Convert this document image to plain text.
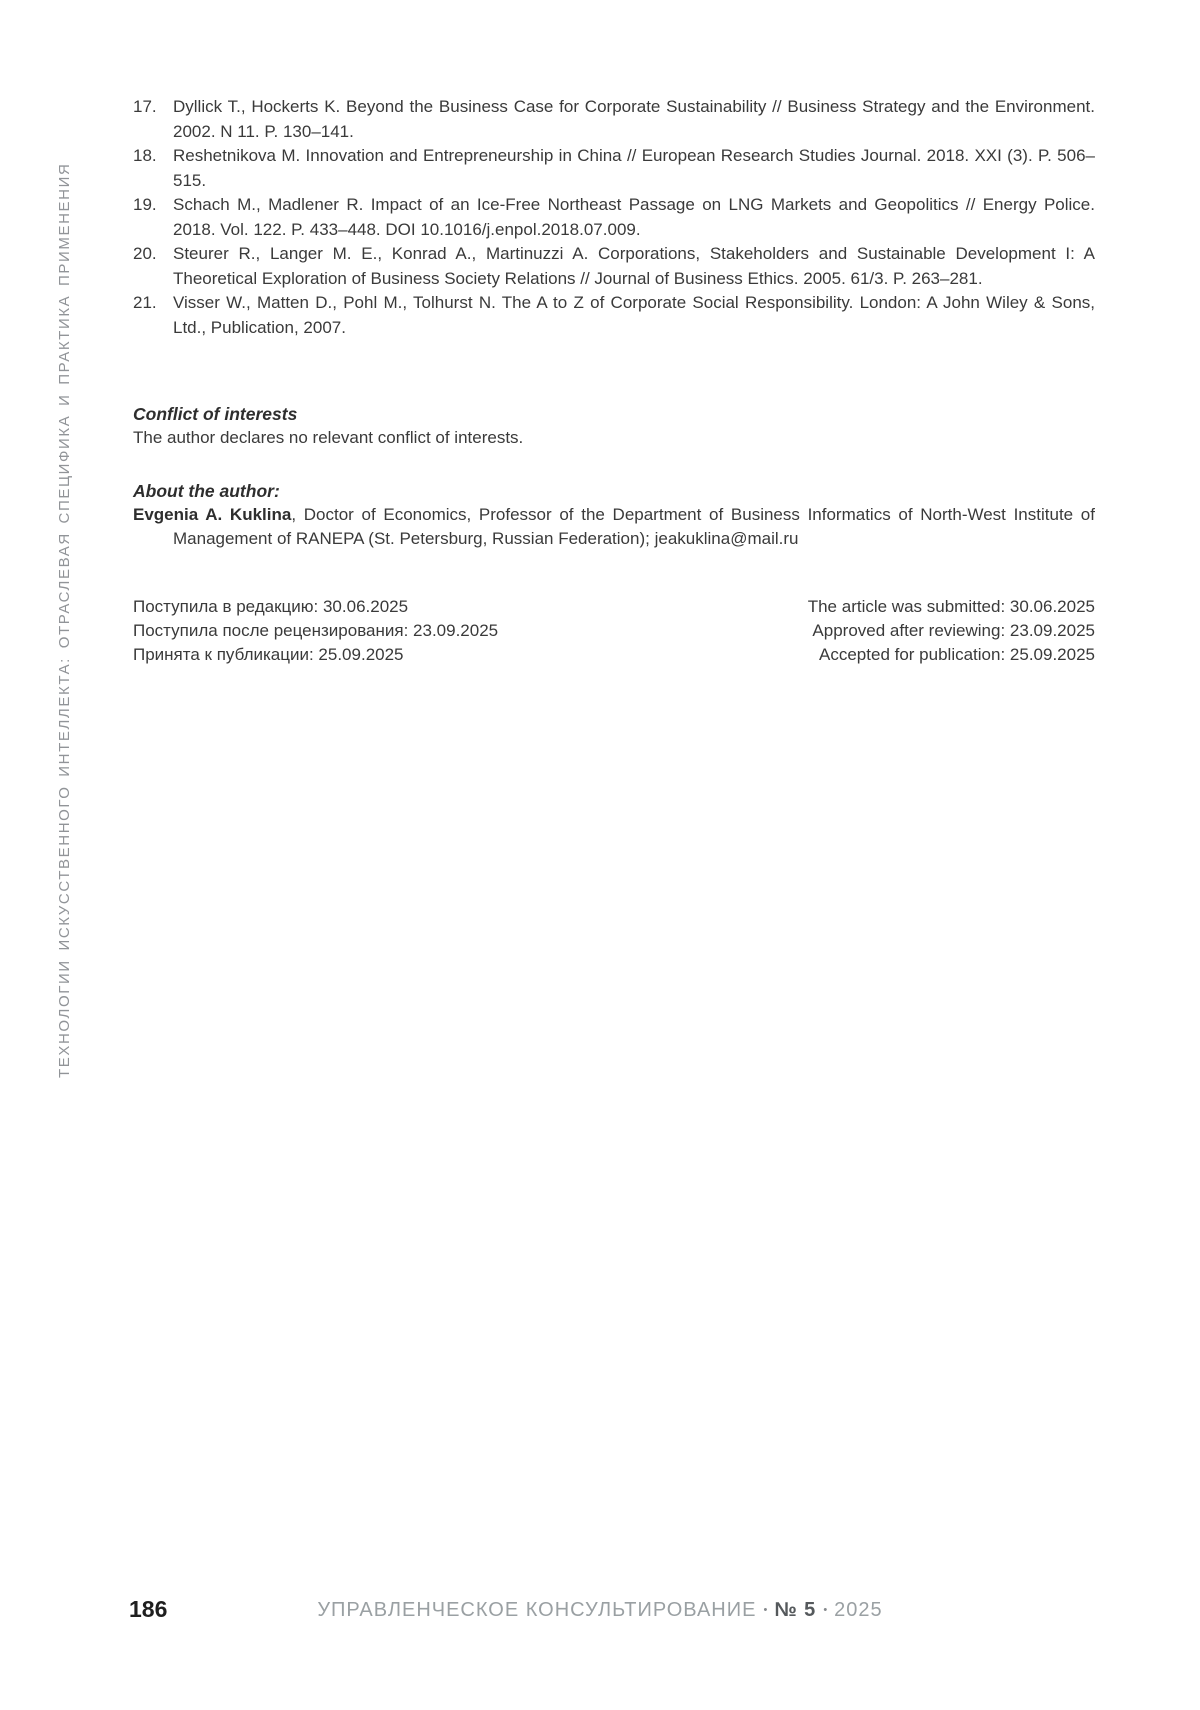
ТЕХНОЛОГИИ ИСКУССТВЕННОГО ИНТЕЛЛЕКТА: ОТРАСЛЕВАЯ СПЕЦИФИКА И ПРАКТИКА ПРИМЕНЕНИЯ
17. Dyllick T., Hockerts K. Beyond the Business Case for Corporate Sustainability // Business Strategy and the Environment. 2002. N 11. P. 130–141.
18. Reshetnikova M. Innovation and Entrepreneurship in China // European Research Studies Journal. 2018. XXI (3). P. 506–515.
19. Schach M., Madlener R. Impact of an Ice-Free Northeast Passage on LNG Markets and Geopolitics // Energy Police. 2018. Vol. 122. P. 433–448. DOI 10.1016/j.enpol.2018.07.009.
20. Steurer R., Langer M. E., Konrad A., Martinuzzi A. Corporations, Stakeholders and Sustainable Development I: A Theoretical Exploration of Business Society Relations // Journal of Business Ethics. 2005. 61/3. P. 263–281.
21. Visser W., Matten D., Pohl M., Tolhurst N. The A to Z of Corporate Social Responsibility. London: A John Wiley & Sons, Ltd., Publication, 2007.
Conflict of interests
The author declares no relevant conflict of interests.
About the author:

Evgenia A. Kuklina, Doctor of Economics, Professor of the Department of Business Informatics of North-West Institute of Management of RANEPA (St. Petersburg, Russian Federation); jeakuklina@mail.ru

Поступила в редакцию: 30.06.2025	The article was submitted: 30.06.2025
Поступила после рецензирования: 23.09.2025	Approved after reviewing: 23.09.2025
Принята к публикации: 25.09.2025	Accepted for publication: 25.09.2025
186	УПРАВЛЕНЧЕСКОЕ КОНСУЛЬТИРОВАНИЕ • № 5 • 2025
